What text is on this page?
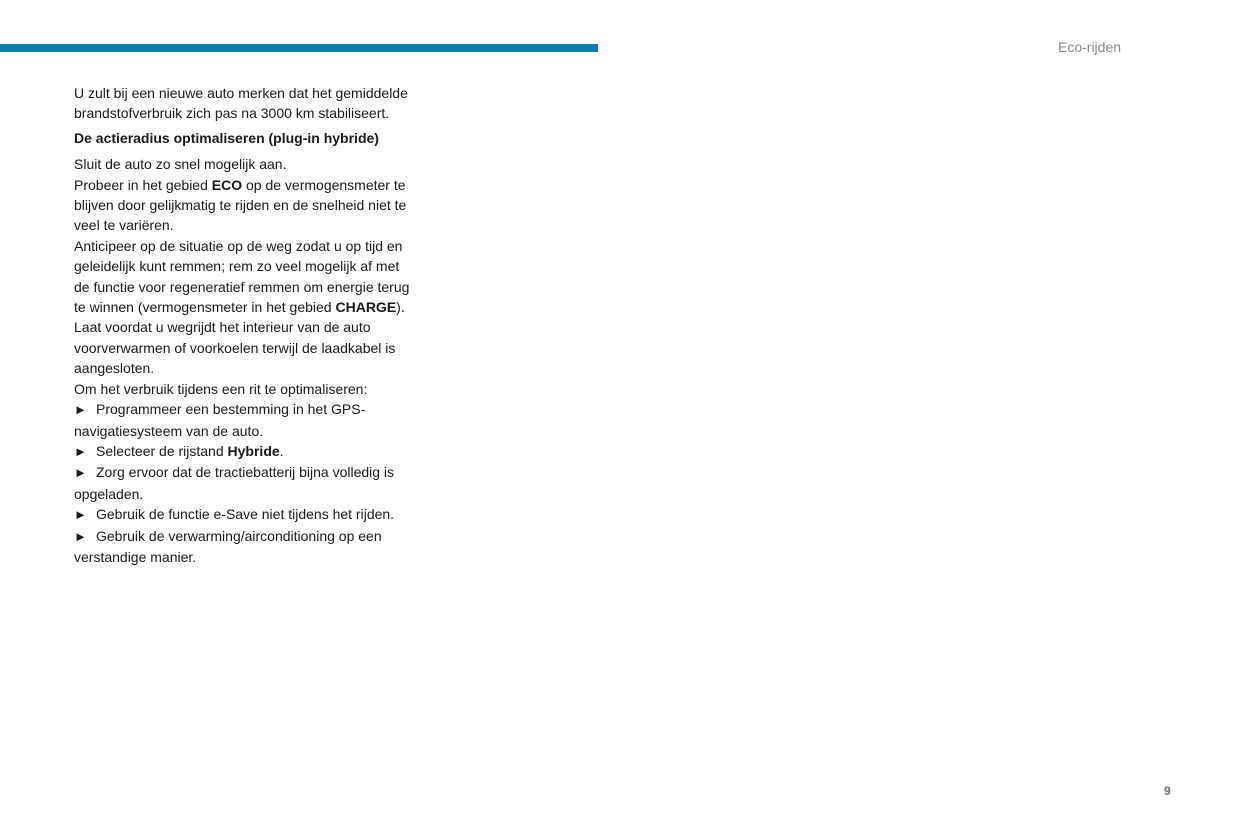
Eco-rijden

U zult bij een nieuwe auto merken dat het gemiddelde brandstofverbruik zich pas na 3000 km stabiliseert.

De actieradius optimaliseren (plug-in hybride)

Sluit de auto zo snel mogelijk aan.

Probeer in het gebied ECO op de vermogensmeter te blijven door gelijkmatig te rijden en de snelheid niet te veel te variëren.

Anticipeer op de situatie op de weg zodat u op tijd en geleidelijk kunt remmen; rem zo veel mogelijk af met de functie voor regeneratief remmen om energie terug te winnen (vermogensmeter in het gebied CHARGE).

Laat voordat u wegrijdt het interieur van de auto voorverwarmen of voorkoelen terwijl de laadkabel is aangesloten.

Om het verbruik tijdens een rit te optimaliseren:

► Programmeer een bestemming in het GPS-navigatiesysteem van de auto.

► Selecteer de rijstand Hybride.

► Zorg ervoor dat de tractiebatterij bijna volledig is opgeladen.

► Gebruik de functie e-Save niet tijdens het rijden.

► Gebruik de verwarming/airconditioning op een verstandige manier.

9
